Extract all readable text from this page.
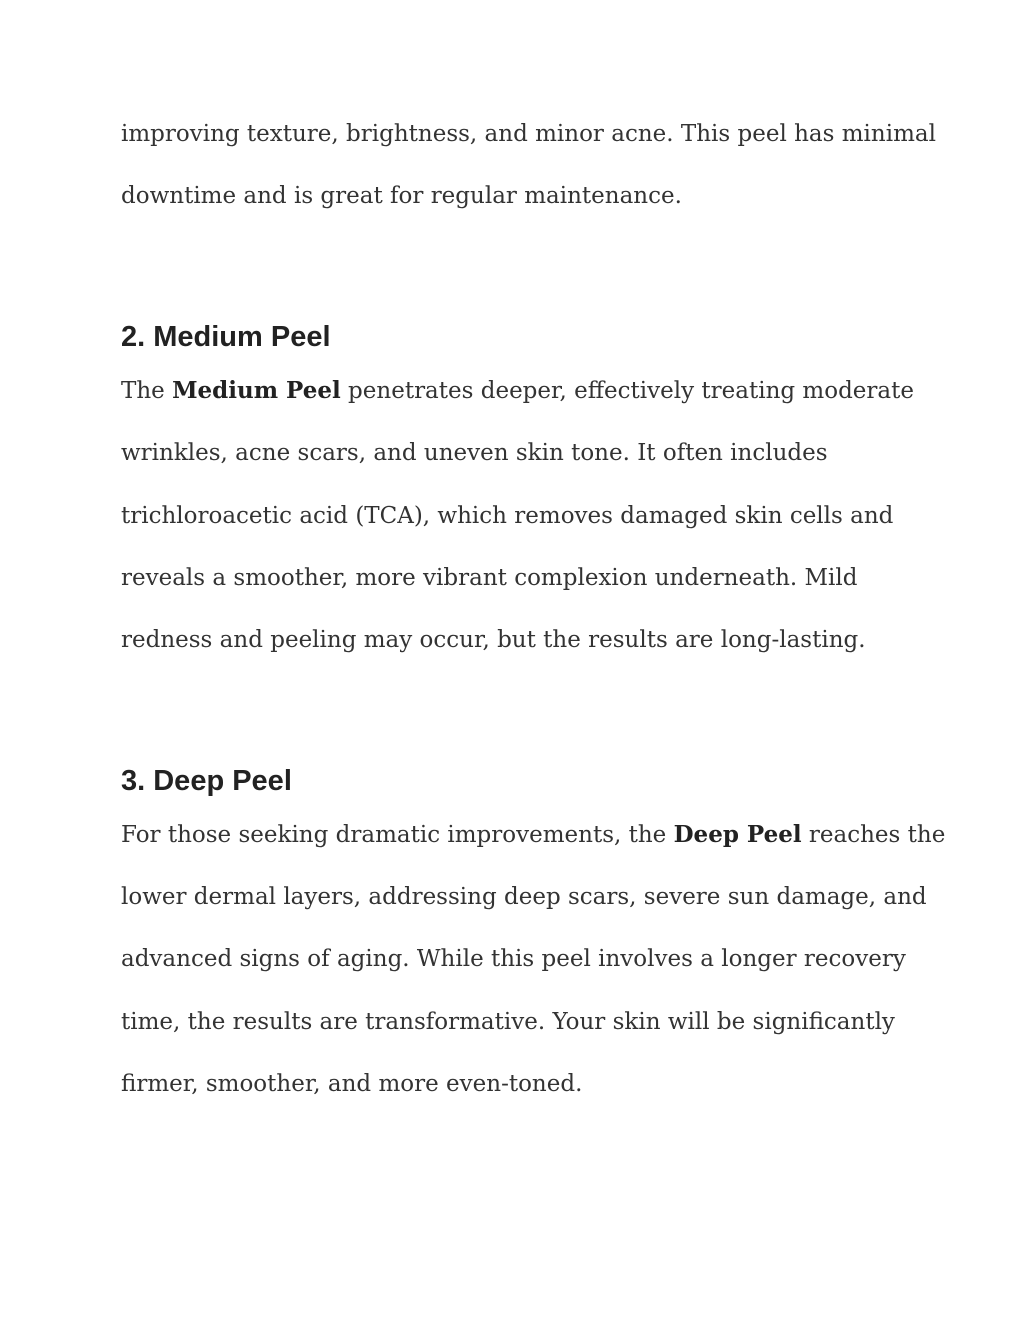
improving texture, brightness, and minor acne. This peel has minimal

downtime and is great for regular maintenance.

2. Medium Peel

The Medium Peel penetrates deeper, effectively treating moderate

wrinkles, acne scars, and uneven skin tone. It often includes

trichloroacetic acid (TCA), which removes damaged skin cells and

reveals a smoother, more vibrant complexion underneath. Mild

redness and peeling may occur, but the results are long-lasting.

3. Deep Peel

For those seeking dramatic improvements, the Deep Peel reaches the

lower dermal layers, addressing deep scars, severe sun damage, and

advanced signs of aging. While this peel involves a longer recovery

time, the results are transformative. Your skin will be significantly

firmer, smoother, and more even-toned.
